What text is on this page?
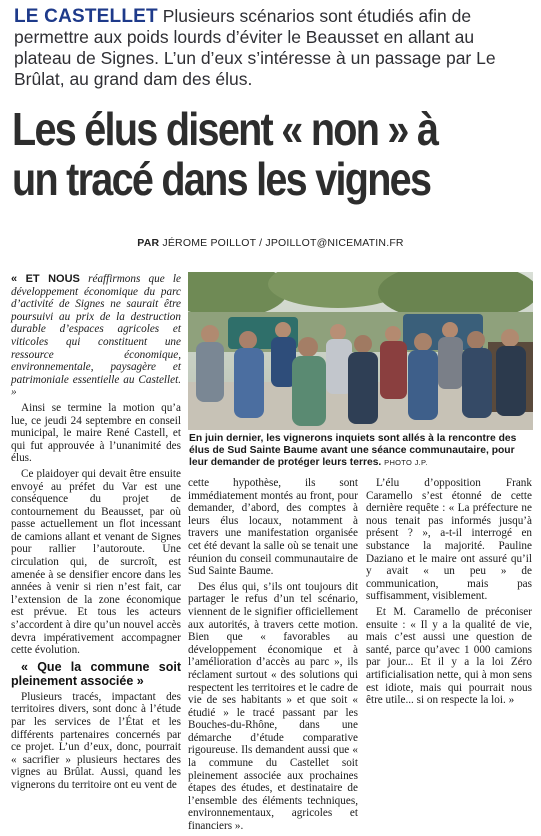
LE CASTELLET Plusieurs scénarios sont étudiés afin de permettre aux poids lourds d’éviter le Beausset en allant au plateau de Signes. L’un d’eux s’intéresse à un passage par Le Brûlat, au grand dam des élus.
Les élus disent « non » à
un tracé dans les vignes
PAR JÉROME POILLOT / JPOILLOT@NICEMATIN.FR

« ET NOUS réaffirmons que le développement économique du parc d’activité de Signes ne saurait être poursuivi au prix de la destruction durable d’espaces agricoles et viticoles qui constituent une ressource économique, environnementale, paysagère et patrimoniale essentielle au Castellet. »

Ainsi se termine la motion qu’a lue, ce jeudi 24 septembre en conseil municipal, le maire René Castell, et qui fut approuvée à l’unanimité des élus.

Ce plaidoyer qui devait être ensuite envoyé au préfet du Var est une conséquence du projet de contournement du Beausset, par où passe actuellement un flot incessant de camions allant et venant de Signes pour rallier l’autoroute. Une circulation qui, de surcroît, est amenée à se densifier encore dans les années à venir si rien n’est fait, car l’extension de la zone économique est prévue. Et tous les acteurs s’accordent à dire qu’un nouvel accès devra impérativement accompagner cette évolution.

« Que la commune soit pleinement associée »

Plusieurs tracés, impactant des territoires divers, sont donc à l’étude par les services de l’État et les différents partenaires concernés par ce projet. L’un d’eux, donc, pourrait « sacrifier » plusieurs hectares des vignes au Brûlat. Aussi, quand les vignerons du territoire ont eu vent de

En juin dernier, les vignerons inquiets sont allés à la rencontre des élus de Sud Sainte Baume avant une séance communautaire, pour leur demander de protéger leurs terres. PHOTO J.P.

cette hypothèse, ils sont immédiatement montés au front, pour demander, d’abord, des comptes à leurs élus locaux, notamment à travers une manifestation organisée cet été devant la salle où se tenait une réunion du conseil communautaire de Sud Sainte Baume.

Des élus qui, s’ils ont toujours dit partager le refus d’un tel scénario, viennent de le signifier officiellement aux autorités, à travers cette motion. Bien que « favorables au développement économique et à l’amélioration d’accès au parc », ils réclament surtout « des solutions qui respectent les territoires et le cadre de vie de ses habitants » et que soit « étudié » le tracé passant par les Bouches-du-Rhône, dans une démarche d’étude comparative rigoureuse. Ils demandent aussi que « la commune du Castellet soit pleinement associée aux prochaines étapes des études, et destinataire de l’ensemble des éléments techniques, environnementaux, agricoles et financiers ».

L’élu d’opposition Frank Caramello s’est étonné de cette dernière requête : « La préfecture ne nous tenait pas informés jusqu’à présent ? », a-t-il interrogé en substance la majorité. Pauline Daziano et le maire ont assuré qu’il y avait « un peu » de communication, mais pas suffisamment, visiblement.

Et M. Caramello de préconiser ensuite : « Il y a la qualité de vie, mais c’est aussi une question de santé, parce qu’avec 1 000 camions par jour... Et il y a la loi Zéro artificialisation nette, qui à mon sens est idiote, mais qui pourrait nous être utile... si on respecte la loi. »
